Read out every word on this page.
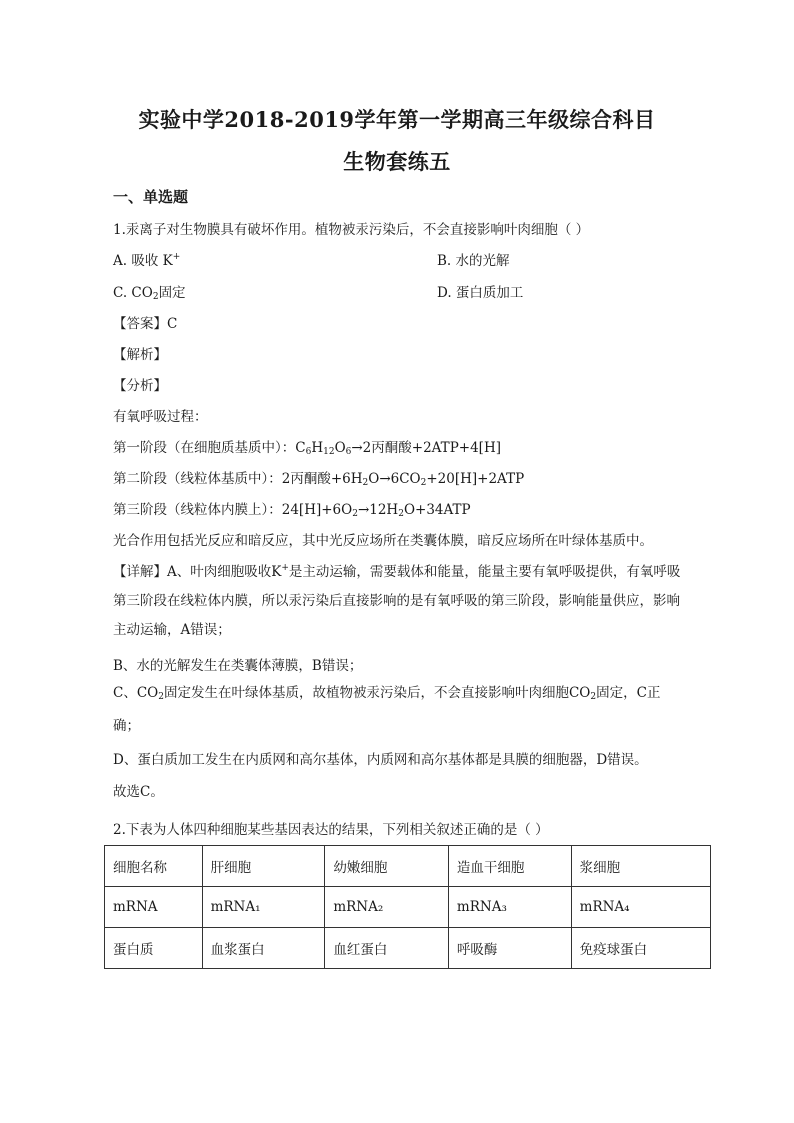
实验中学2018-2019学年第一学期高三年级综合科目
生物套练五
一、单选题
1.汞离子对生物膜具有破坏作用。植物被汞污染后，不会直接影响叶肉细胞（ ）
A. 吸收 K+	B. 水的光解
C. $CO_2$固定	D. 蛋白质加工
【答案】C
【解析】
【分析】
有氧呼吸过程：
第一阶段（在细胞质基质中）：$C_6H_{12}O_6\to 2$丙酮酸+2ATP+4[H]
第二阶段（线粒体基质中）：2丙酮酸$+6H_2O\to 6CO_2+20[H]+2ATP$
第三阶段（线粒体内膜上）：$24[H]+6O_2\to 12H_2O+34ATP$
光合作用包括光反应和暗反应，其中光反应场所在类囊体膜，暗反应场所在叶绿体基质中。
【详解】A、叶肉细胞吸收K+是主动运输，需要载体和能量，能量主要有氧呼吸提供，有氧呼吸第三阶段在线粒体内膜，所以汞污染后直接影响的是有氧呼吸的第三阶段，影响能量供应，影响主动运输，A错误；
B、水的光解发生在类囊体薄膜，B错误；
C、$CO_2$固定发生在叶绿体基质，故植物被汞污染后，不会直接影响叶肉细胞$CO_2$固定，C正确；
D、蛋白质加工发生在内质网和高尔基体，内质网和高尔基体都是具膜的细胞器，D错误。
故选C。
2.下表为人体四种细胞某些基因表达的结果，下列相关叙述正确的是（ ）
细胞名称	肝细胞	幼嫩细胞	造血干细胞	浆细胞
mRNA	mRNA₁	mRNA₂	mRNA₃	mRNA₄
蛋白质	血浆蛋白	血红蛋白	呼吸酶	免疫球蛋白
